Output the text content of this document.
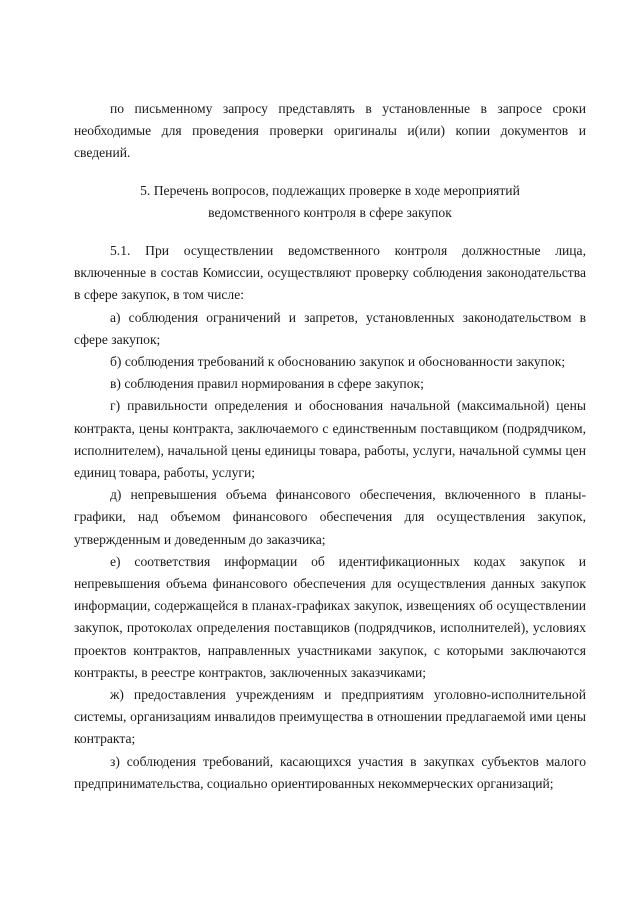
по письменному запросу представлять в установленные в запросе сроки необходимые для проведения проверки оригиналы и(или) копии документов и сведений.

5. Перечень вопросов, подлежащих проверке в ходе мероприятий
ведомственного контроля в сфере закупок

5.1. При осуществлении ведомственного контроля должностные лица, включенные в состав Комиссии, осуществляют проверку соблюдения законодательства в сфере закупок, в том числе:

а) соблюдения ограничений и запретов, установленных законодательством в сфере закупок;

б) соблюдения требований к обоснованию закупок и обоснованности закупок;

в) соблюдения правил нормирования в сфере закупок;

г) правильности определения и обоснования начальной (максимальной) цены контракта, цены контракта, заключаемого с единственным поставщиком (подрядчиком, исполнителем), начальной цены единицы товара, работы, услуги, начальной суммы цен единиц товара, работы, услуги;

д) непревышения объема финансового обеспечения, включенного в планы-графики, над объемом финансового обеспечения для осуществления закупок, утвержденным и доведенным до заказчика;

е) соответствия информации об идентификационных кодах закупок и непревышения объема финансового обеспечения для осуществления данных закупок информации, содержащейся в планах-графиках закупок, извещениях об осуществлении закупок, протоколах определения поставщиков (подрядчиков, исполнителей), условиях проектов контрактов, направленных участниками закупок, с которыми заключаются контракты, в реестре контрактов, заключенных заказчиками;

ж) предоставления учреждениям и предприятиям уголовно-исполнительной системы, организациям инвалидов преимущества в отношении предлагаемой ими цены контракта;

з) соблюдения требований, касающихся участия в закупках субъектов малого предпринимательства, социально ориентированных некоммерческих организаций;
